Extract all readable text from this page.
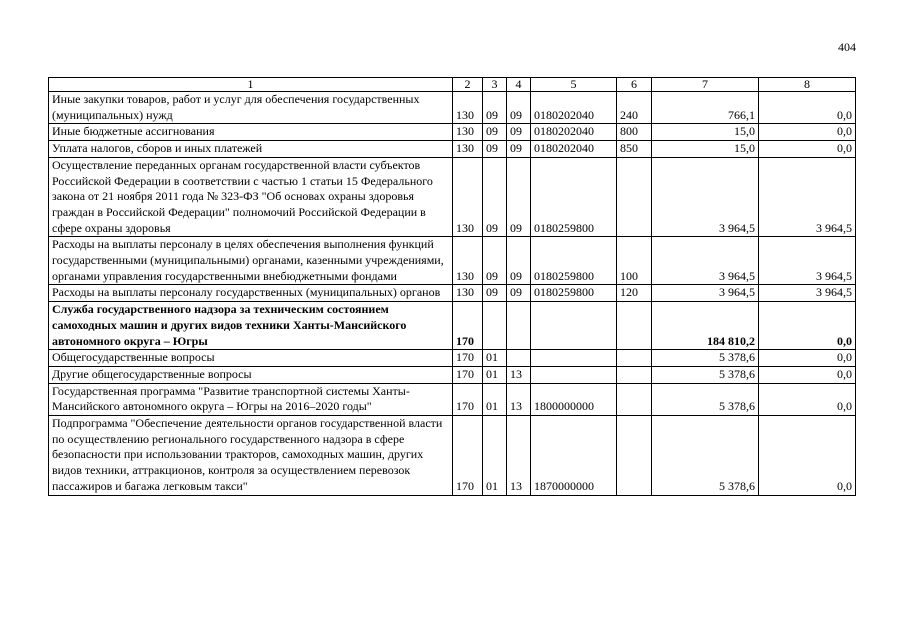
404
1	2	3	4	5	6	7	8
Иные закупки товаров, работ и услуг для обеспечения государственных (муниципальных) нужд	130	09	09	0180202040	240	766,1	0,0
Иные бюджетные ассигнования	130	09	09	0180202040	800	15,0	0,0
Уплата налогов, сборов и иных платежей	130	09	09	0180202040	850	15,0	0,0
Осуществление переданных органам государственной власти субъектов Российской Федерации в соответствии с частью 1 статьи 15 Федерального закона от 21 ноября 2011 года № 323-ФЗ "Об основах охраны здоровья граждан в Российской Федерации" полномочий Российской Федерации в сфере охраны здоровья	130	09	09	0180259800		3 964,5	3 964,5
Расходы на выплаты персоналу в целях обеспечения выполнения функций государственными (муниципальными) органами, казенными учреждениями, органами управления государственными внебюджетными фондами	130	09	09	0180259800	100	3 964,5	3 964,5
Расходы на выплаты персоналу государственных (муниципальных) органов	130	09	09	0180259800	120	3 964,5	3 964,5
Служба государственного надзора за техническим состоянием самоходных машин и других видов техники Ханты-Мансийского автономного округа – Югры	170					184 810,2	0,0
Общегосударственные вопросы	170	01				5 378,6	0,0
Другие общегосударственные вопросы	170	01	13			5 378,6	0,0
Государственная программа "Развитие транспортной системы Ханты-Мансийского автономного округа – Югры на 2016–2020 годы"	170	01	13	1800000000		5 378,6	0,0
Подпрограмма "Обеспечение деятельности органов государственной власти по осуществлению регионального государственного надзора в сфере безопасности при использовании тракторов, самоходных машин, других видов техники, аттракционов, контроля за осуществлением перевозок пассажиров и багажа легковым такси"	170	01	13	1870000000		5 378,6	0,0
